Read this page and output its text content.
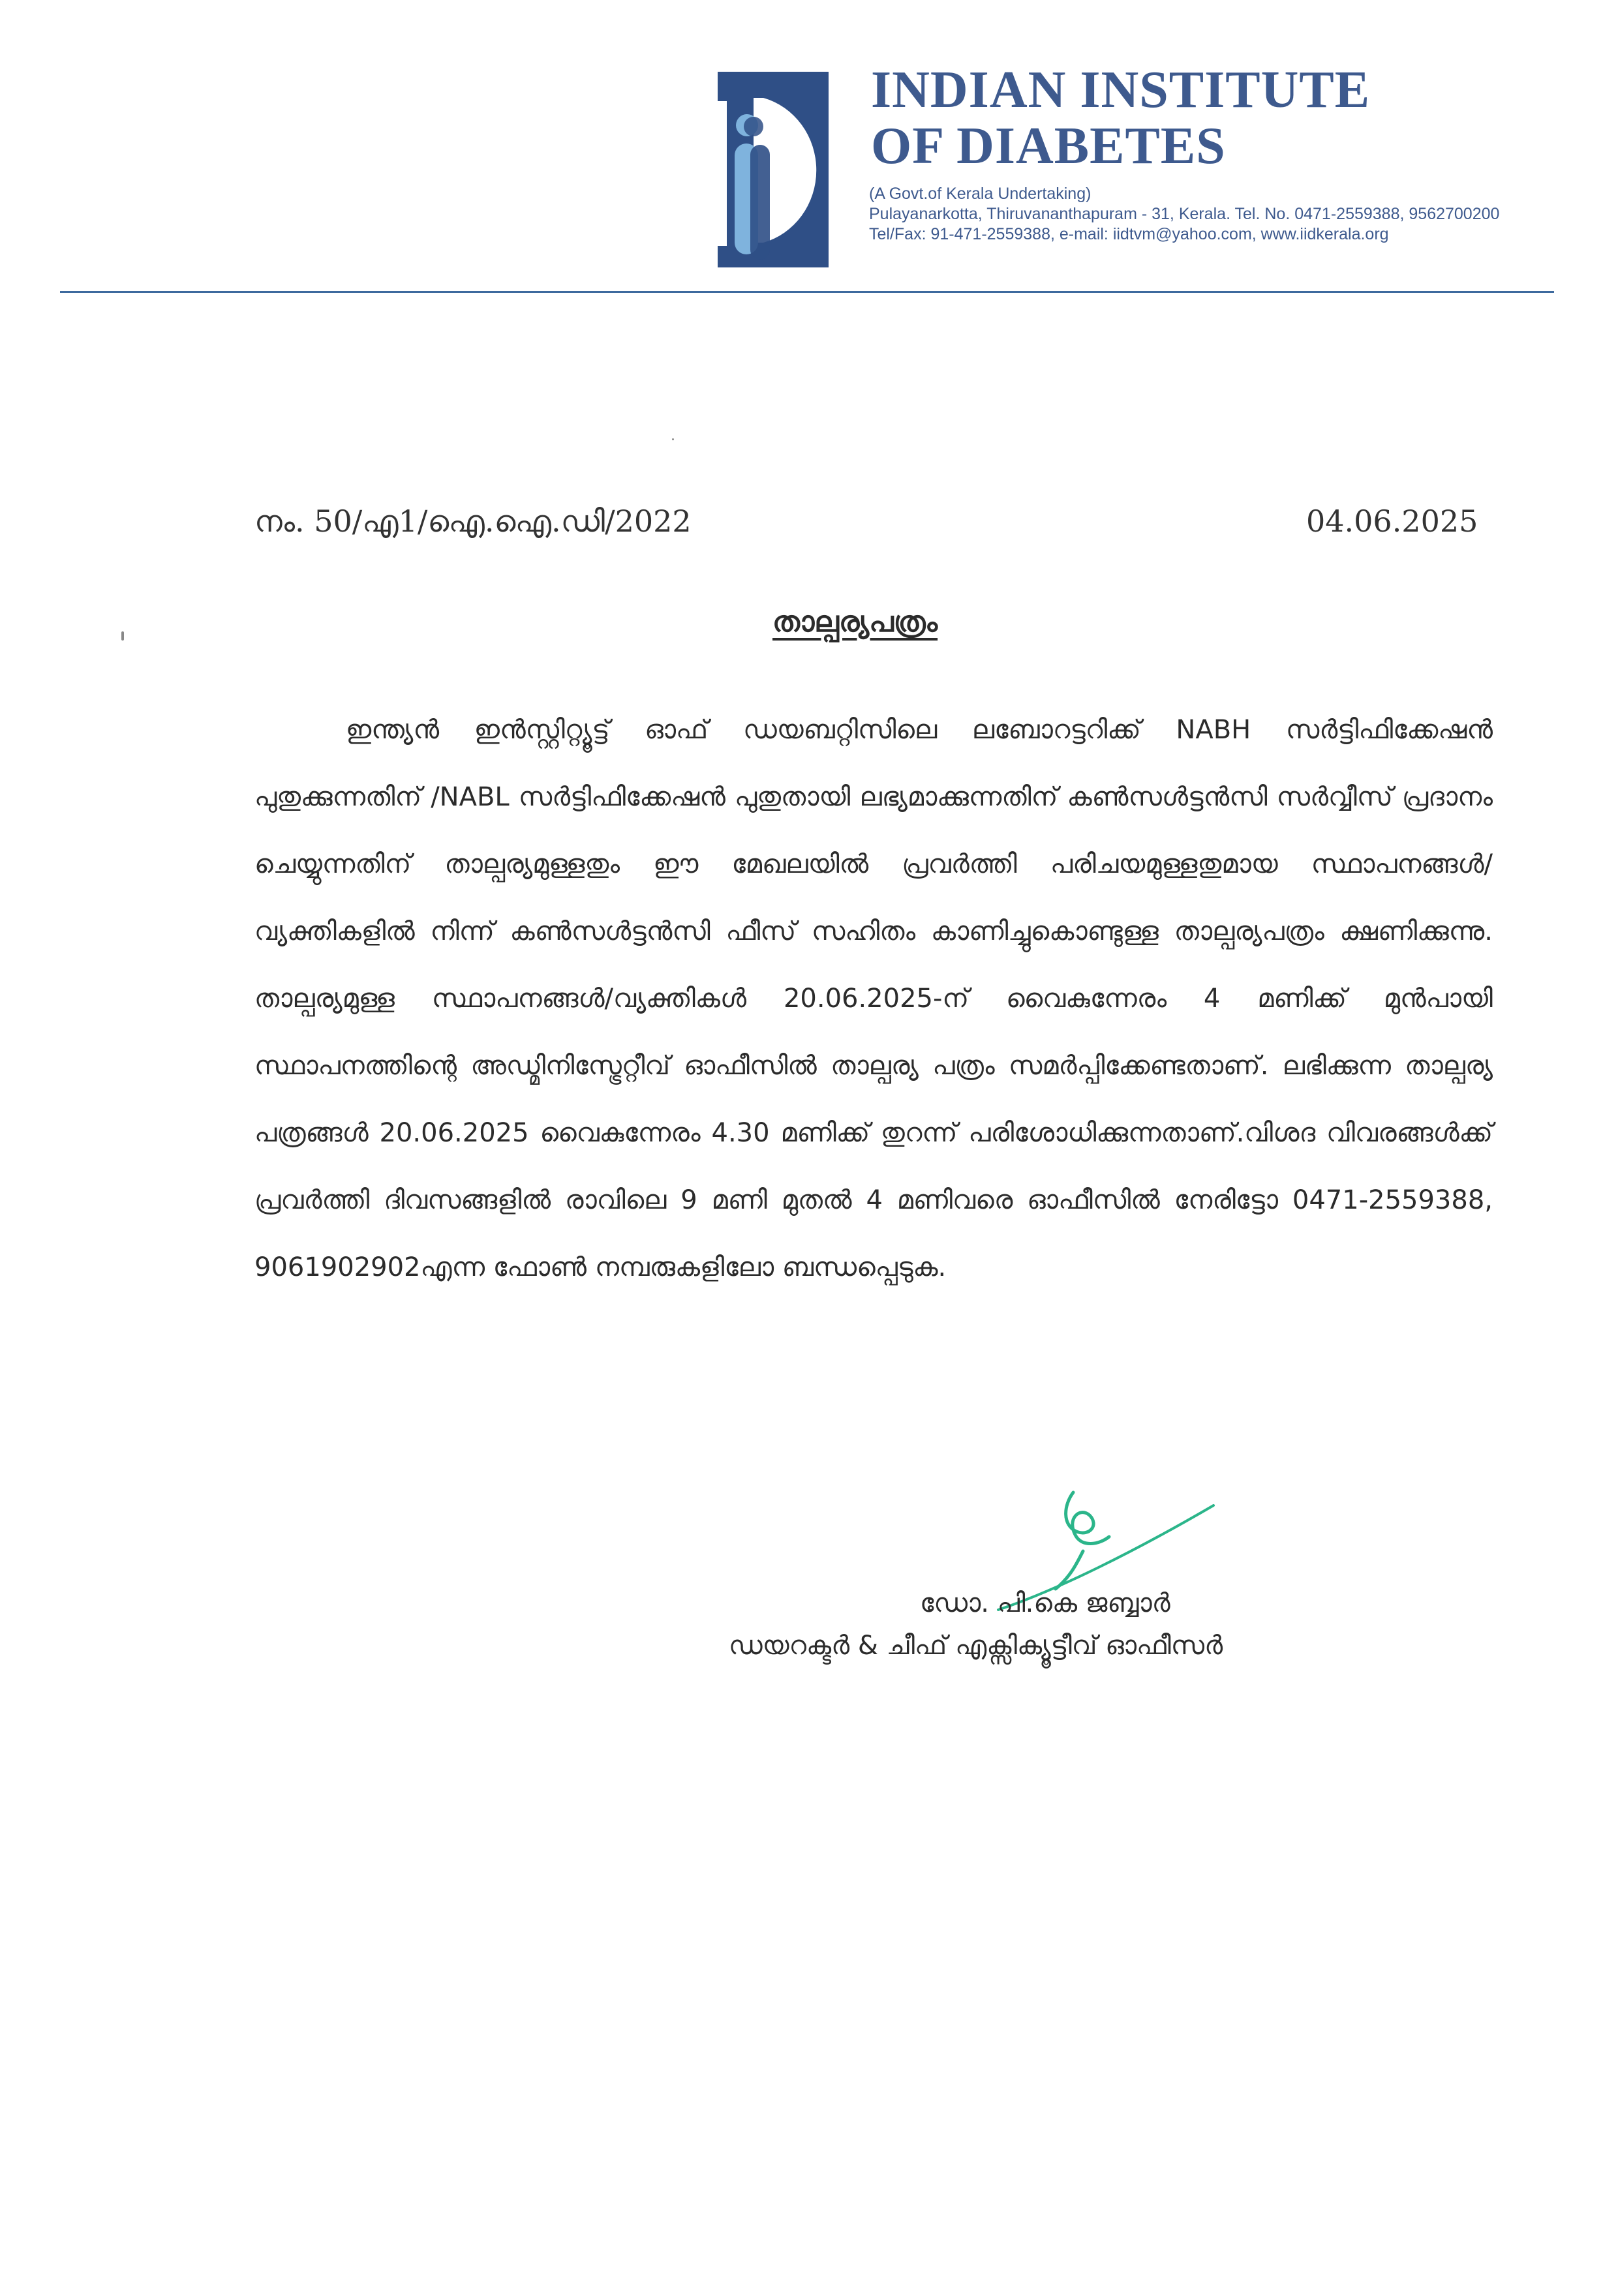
INDIAN INSTITUTE
OF DIABETES
(A Govt.of Kerala Undertaking)
Pulayanarkotta, Thiruvananthapuram - 31, Kerala. Tel. No. 0471-2559388, 9562700200
Tel/Fax: 91-471-2559388, e-mail: iidtvm@yahoo.com, www.iidkerala.org
നം. 50/എ1/ഐ.ഐ.ഡി/2022	04.06.2025
താല്പര്യപത്രം
ഇന്ത്യൻ ഇൻസ്റ്റിറ്റ്യൂട്ട് ഓഫ് ഡയബറ്റിസിലെ ലബോറട്ടറിക്ക് NABH സർട്ടിഫിക്കേഷൻ പുതുക്കുന്നതിന് /NABL സർട്ടിഫിക്കേഷൻ പുതുതായി ലഭ്യമാക്കുന്നതിന് കൺസൾട്ടൻസി സർവ്വീസ് പ്രദാനം ചെയ്യുന്നതിന് താല്പര്യമുള്ളതും ഈ മേഖലയിൽ പ്രവർത്തി പരിചയമുള്ളതുമായ സ്ഥാപനങ്ങൾ/വ്യക്തികളിൽ നിന്ന് കൺസൾട്ടൻസി ഫീസ് സഹിതം കാണിച്ചുകൊണ്ടുള്ള താല്പര്യപത്രം ക്ഷണിക്കുന്നു. താല്പര്യമുള്ള സ്ഥാപനങ്ങൾ/വ്യക്തികൾ 20.06.2025-ന് വൈകുന്നേരം 4 മണിക്ക് മുൻപായി സ്ഥാപനത്തിന്റെ അഡ്മിനിസ്ട്രേറ്റീവ് ഓഫീസിൽ താല്പര്യ പത്രം സമർപ്പിക്കേണ്ടതാണ്. ലഭിക്കുന്ന താല്പര്യ പത്രങ്ങൾ 20.06.2025 വൈകുന്നേരം 4.30 മണിക്ക് തുറന്ന് പരിശോധിക്കുന്നതാണ്.വിശദ വിവരങ്ങൾക്ക് പ്രവർത്തി ദിവസങ്ങളിൽ രാവിലെ 9 മണി മുതൽ 4 മണിവരെ ഓഫീസിൽ നേരിട്ടോ 0471-2559388, 9061902902എന്ന ഫോൺ നമ്പരുകളിലോ ബന്ധപ്പെടുക.
ഡോ. പി.കെ ജബ്ബാർ
ഡയറക്ടർ & ചീഫ് എക്സിക്യൂട്ടീവ് ഓഫീസർ
